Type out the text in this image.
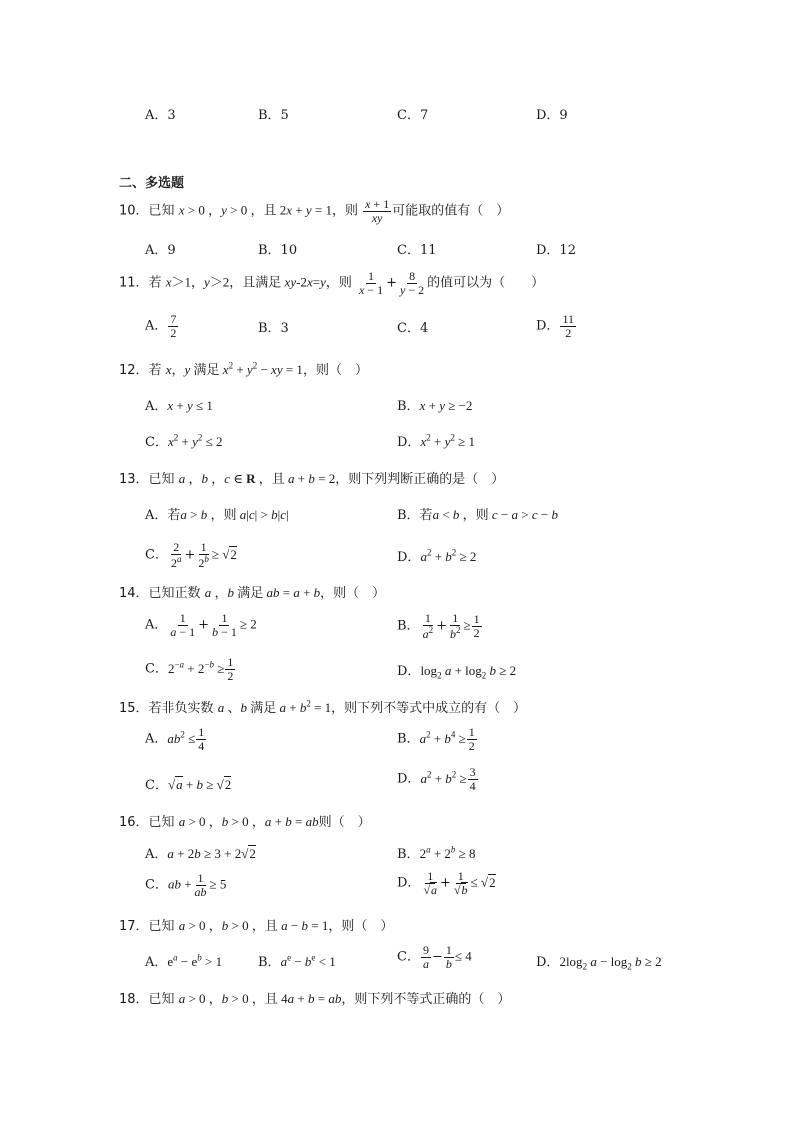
A．3	B．5	C．7	D．9
二、多选题
10．已知 x > 0 ，y > 0 ，且 2x + y = 1，则 $\frac{x + 1}{xy}$ 可能取的值有（　）
A．9	B．10	C．11	D．12
11．若 x＞1，y＞2，且满足 xy-2x=y，则 $\frac{1}{x - 1} + \frac{8}{y - 2}$ 的值可以为（　　）
A． $\frac{7}{2}$	B．3	C．4	D． $\frac{11}{2}$
12．若 x，y 满足 $x^2 + y^2$ − xy = 1，则（　）
A．x + y ≤ 1	B．x + y ≥ −2
C．$x^2 + y^2 \le 2$	D．$x^2 + y^2 \ge 1$
13．已知 a ，b ，c ∈ R ，且 a + b = 2，则下列判断正确的是（　）
A．若a > b ，则 a|c| > b|c|	B．若a < b ，则 c − a > c − b
C． $\frac{2}{2^a} + \frac{1}{2^b} \ge √2$	D．$a^2 + b^2 \ge 2$
14．已知正数 a ，b 满足 ab = a + b，则（　）
A． $\frac{1}{a - 1} + \frac{1}{b - 1} \ge 2$	B． $\frac{1}{a^2} + \frac{1}{b^2} \ge \frac{1}{2}$
C．$2^{-a} + 2^{-b} \ge \frac{1}{2}$	D．$\log_2 a + \log_2 b \ge 2$
15．若非负实数 a 、b 满足 $a + b^2 = 1$，则下列不等式中成立的有（　）
A．$ab^2 \le \frac{1}{4}$	B．$a^2 + b^4 \ge \frac{1}{2}$
C．√a + b ≥ √2	D．$a^2 + b^2 \ge \frac{3}{4}$
16．已知 a > 0 ，b > 0 ，a + b = ab则（　）
A．a + 2b ≥ 3 + 2√2	B．$2^a + 2^b \ge 8$
C．ab + $\frac{1}{ab} \ge 5$	D． $\frac{1}{√a} + \frac{1}{√b} \le √2$
17．已知 a > 0 ，b > 0 ，且 a − b = 1，则（　）
A．$e^a - e^b > 1$	B．$a^e - b^e < 1$	C． $\frac{9}{a} - \frac{1}{b} \le 4$	D．$2\log_2$ $a - \log_2 b \ge 2$
18．已知 a > 0 ，b > 0 ，且 4a + b = ab，则下列不等式正确的（　）
